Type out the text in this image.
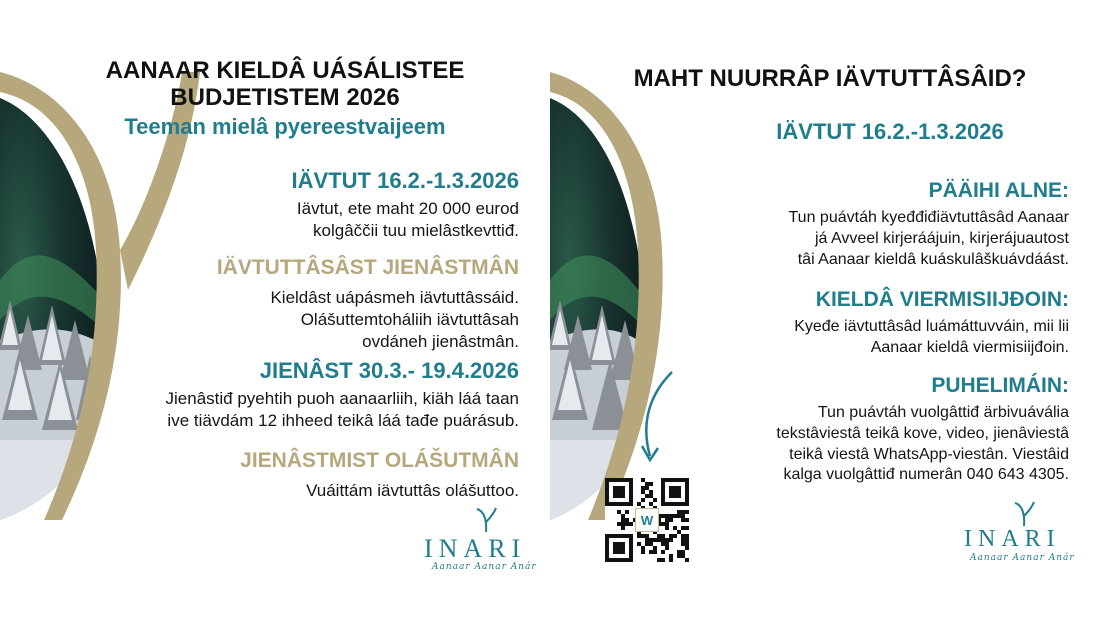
AANAAR KIELDÂ UÁSÁLISTEE
BUDJETISTEM 2026

Teeman mielâ pyereestvaijeem

IÄVTUT 16.2.-1.3.2026

Iävtut, ete maht 20 000 eurod
kolgâččii tuu mielâstkevttiđ.

IÄVTUTTÂSÂST JIENÂSTMÂN

Kieldâst uápásmeh iävtuttâssáid.
Olášuttemtoháliih iävtuttâsah
ovdáneh jienâstmân.

JIENÂST 30.3.- 19.4.2026

Jienâstiđ pyehtih puoh aanaarliih, kiäh láá taan
ive tiävdám 12 ihheed teikâ láá tađe puárásub.

JIENÂSTMIST OLÁŠUTMÂN

Vuáittám iävtuttâs olášuttoo.

INARI
Aanaar Aanar Anár
MAHT NUURRÂP IÄVTUTTÂSÂID?

IÄVTUT 16.2.-1.3.2026

PÄÄIHI ALNE:

Tun puávtáh kyeđđiđiävtuttâsâd Aanaar
já Avveel kirjeráájuin, kirjerájuautost
tâi Aanaar kieldâ kuáskulâškuávdáást.

KIELDÂ VIERMISIIJĐOIN:

Kyeđe iävtuttâsâd luámáttuvváin, mii lii
Aanaar kieldâ viermisiijđoin.

PUHELIMÁIN:

Tun puávtáh vuolgâttiđ ärbivuávália
tekstâviestâ teikâ kove, video, jienâviestâ
teikâ viestâ WhatsApp-viestân. Viestâid
kalga vuolgâttiđ numerân 040 643 4305.

W
INARI
Aanaar Aanar Anár
